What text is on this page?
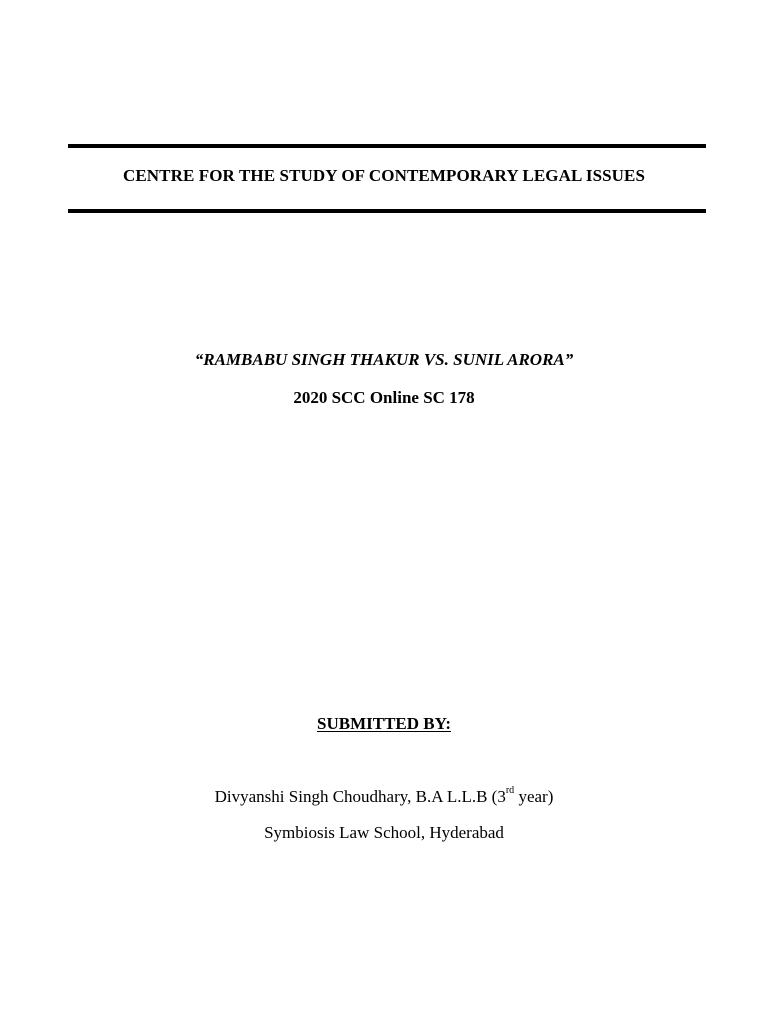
CENTRE FOR THE STUDY OF CONTEMPORARY LEGAL ISSUES
“RAMBABU SINGH THAKUR VS. SUNIL ARORA”
2020 SCC Online SC 178
SUBMITTED BY:
Divyanshi Singh Choudhary, B.A L.L.B (3rd year)
Symbiosis Law School, Hyderabad
